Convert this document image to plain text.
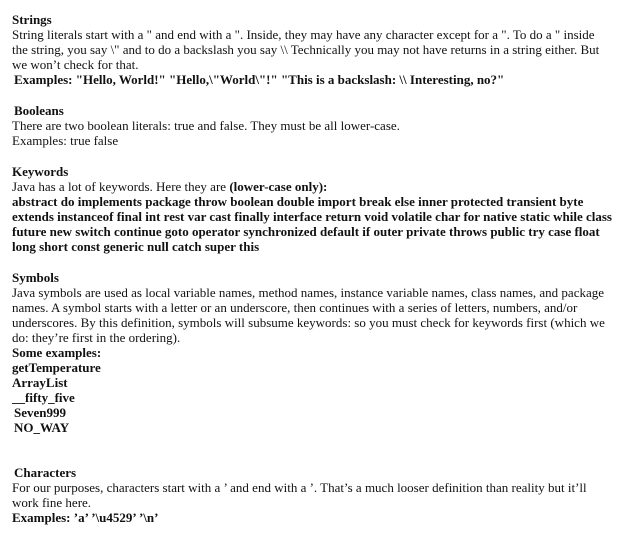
Strings

String literals start with a " and end with a ". Inside, they may have any character except for a ". To do a " inside the string, you say \" and to do a backslash you say \\ Technically you may not have returns in a string either. But we won’t check for that.

Examples: "Hello, World!" "Hello,\"World\"!" "This is a backslash: \\ Interesting, no?"

Booleans

There are two boolean literals: true and false. They must be all lower-case.

Examples: true false

Keywords

Java has a lot of keywords. Here they are (lower-case only):

abstract do implements package throw boolean double import break else inner protected transient byte extends instanceof final int rest var cast finally interface return void volatile char for native static while class future new switch continue goto operator synchronized default if outer private throws public try case float long short const generic null catch super this

Symbols

Java symbols are used as local variable names, method names, instance variable names, class names, and package names. A symbol starts with a letter or an underscore, then continues with a series of letters, numbers, and/or underscores. By this definition, symbols will subsume keywords: so you must check for keywords first (which we do: they’re first in the ordering).

Some examples:

getTemperature

ArrayList

__fifty_five

Seven999

NO_WAY

Characters

For our purposes, characters start with a ’ and end with a ’. That’s a much looser definition than reality but it’ll work fine here.

Examples: ’a’ ’\u4529’ ’\n’
